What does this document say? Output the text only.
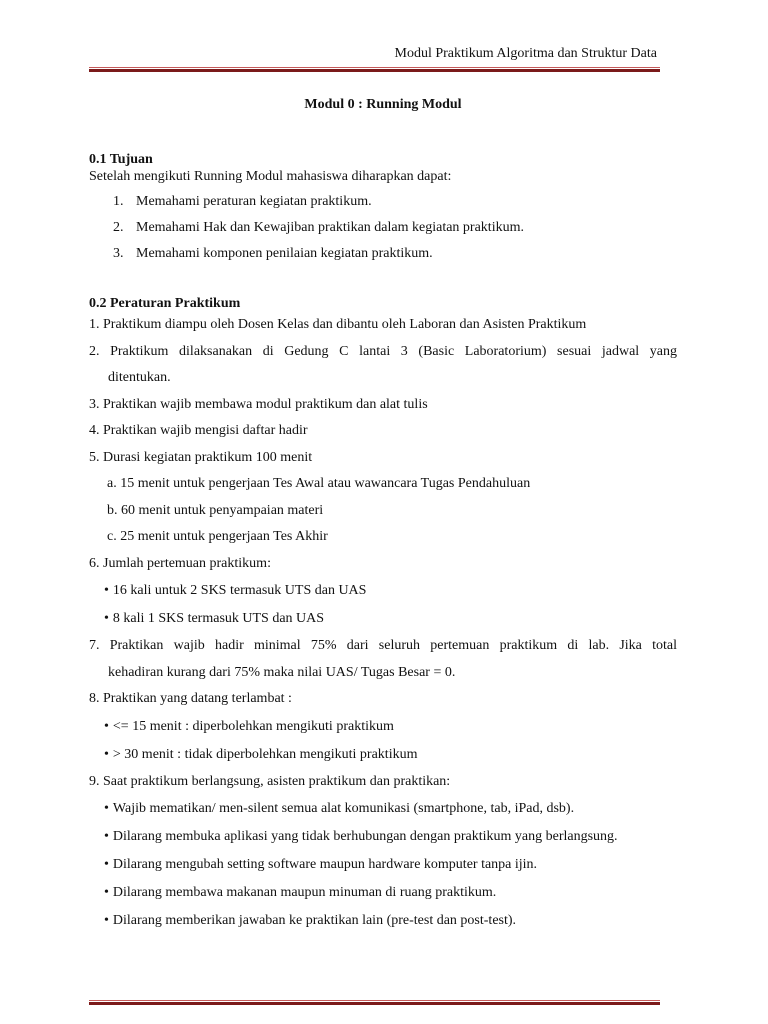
Modul Praktikum Algoritma dan Struktur Data
Modul 0 : Running Modul
0.1 Tujuan
Setelah mengikuti Running Modul mahasiswa diharapkan dapat:
1. Memahami peraturan kegiatan praktikum.
2. Memahami Hak dan Kewajiban praktikan dalam kegiatan praktikum.
3. Memahami komponen penilaian kegiatan praktikum.
0.2 Peraturan Praktikum
1. Praktikum diampu oleh Dosen Kelas dan dibantu oleh Laboran dan Asisten Praktikum
2. Praktikum dilaksanakan di Gedung C lantai 3 (Basic Laboratorium) sesuai jadwal yang
ditentukan.
3. Praktikan wajib membawa modul praktikum dan alat tulis
4. Praktikan wajib mengisi daftar hadir
5. Durasi kegiatan praktikum 100 menit
a. 15 menit untuk pengerjaan Tes Awal atau wawancara Tugas Pendahuluan
b. 60 menit untuk penyampaian materi
c. 25 menit untuk pengerjaan Tes Akhir
6. Jumlah pertemuan praktikum:
• 16 kali untuk 2 SKS termasuk UTS dan UAS
• 8 kali 1 SKS termasuk UTS dan UAS
7. Praktikan wajib hadir minimal 75% dari seluruh pertemuan praktikum di lab. Jika total
kehadiran kurang dari 75% maka nilai UAS/ Tugas Besar = 0.
8. Praktikan yang datang terlambat :
• <= 15 menit : diperbolehkan mengikuti praktikum
• > 30 menit : tidak diperbolehkan mengikuti praktikum
9. Saat praktikum berlangsung, asisten praktikum dan praktikan:
• Wajib mematikan/ men-silent semua alat komunikasi (smartphone, tab, iPad, dsb).
• Dilarang membuka aplikasi yang tidak berhubungan dengan praktikum yang berlangsung.
• Dilarang mengubah setting software maupun hardware komputer tanpa ijin.
• Dilarang membawa makanan maupun minuman di ruang praktikum.
• Dilarang memberikan jawaban ke praktikan lain (pre-test dan post-test).
